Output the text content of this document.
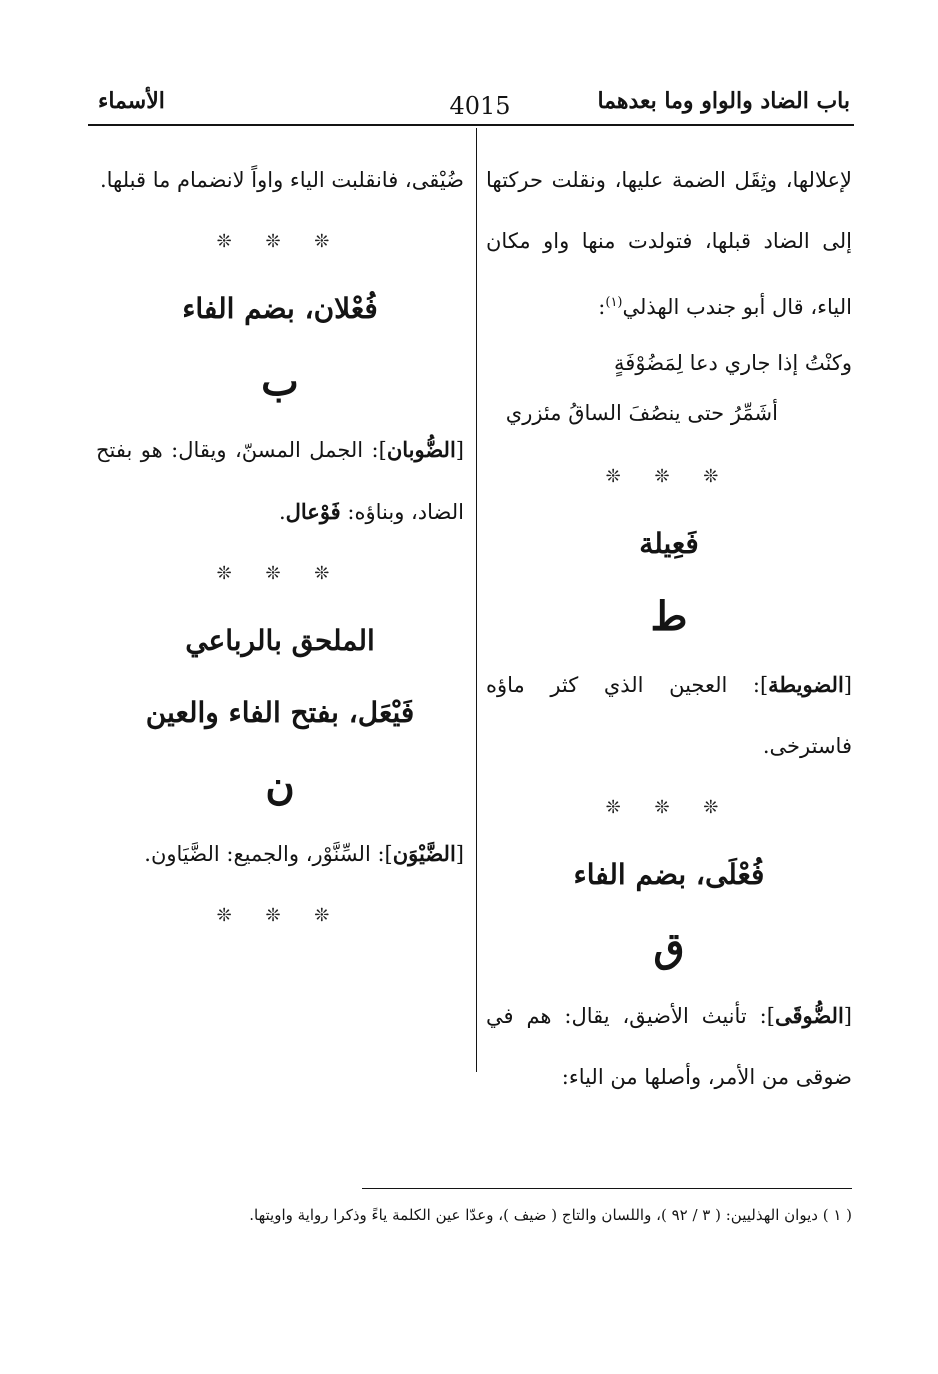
باب الضاد والواو وما بعدهما
4015
الأسماء

لإعلالها، وثِقَل الضمة عليها، ونقلت حركتها إلى الضاد قبلها، فتولدت منها واو مكان الياء، قال أبو جندب الهذلي$^{(١)}$:

وكنْتُ إذا جاري دعا لِمَضُوْفَةٍ
أشَمِّرُ حتى ينصُفَ الساقُ مئزري
❊ ❊ ❊
فَعِيلة
ط

[الضويطة]: العجين الذي كثر ماؤه فاسترخى.

❊ ❊ ❊
فُعْلَى، بضم الفاء
ق

[الضُّوقَى]: تأنيث الأضيق، يقال: هم في ضوقى من الأمر، وأصلها من الياء:

ضُيْقى، فانقلبت الياء واواً لانضمام ما قبلها.

❊ ❊ ❊
فُعْلان، بضم الفاء
ب

[الضُّوبان]: الجمل المسنّ، ويقال: هو بفتح الضاد، وبناؤه: فَوْعال.

❊ ❊ ❊
الملحق بالرباعي
فَيْعَل، بفتح الفاء والعين
ن

[الضَّيْوَن]: السِّنَّوْر، والجميع: الضَّيَاون.

❊ ❊ ❊
( ١ ) ديوان الهذليين: ( ٣ / ٩٢ )، واللسان والتاج ( ضيف )، وعدّا عين الكلمة ياءً وذكرا رواية واويتها.
